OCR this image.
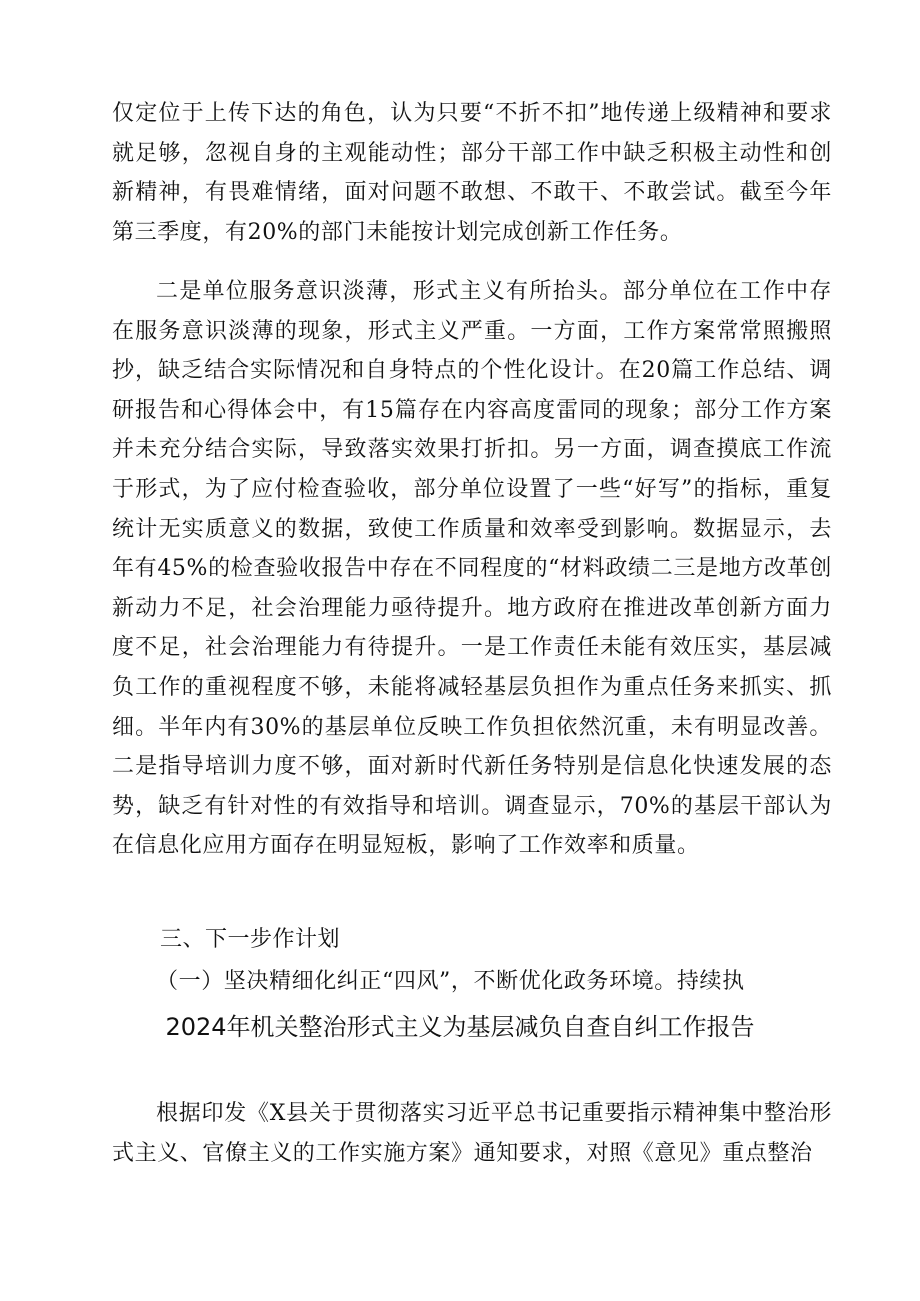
仅定位于上传下达的角色，认为只要“不折不扣”地传递上级精神和要求就足够，忽视自身的主观能动性；部分干部工作中缺乏积极主动性和创新精神，有畏难情绪，面对问题不敢想、不敢干、不敢尝试。截至今年第三季度，有20%的部门未能按计划完成创新工作任务。

二是单位服务意识淡薄，形式主义有所抬头。部分单位在工作中存在服务意识淡薄的现象，形式主义严重。一方面，工作方案常常照搬照抄，缺乏结合实际情况和自身特点的个性化设计。在20篇工作总结、调研报告和心得体会中，有15篇存在内容高度雷同的现象；部分工作方案并未充分结合实际，导致落实效果打折扣。另一方面，调查摸底工作流于形式，为了应付检查验收，部分单位设置了一些“好写”的指标，重复统计无实质意义的数据，致使工作质量和效率受到影响。数据显示，去年有45%的检查验收报告中存在不同程度的“材料政绩二三是地方改革创新动力不足，社会治理能力亟待提升。地方政府在推进改革创新方面力度不足，社会治理能力有待提升。一是工作责任未能有效压实，基层减负工作的重视程度不够，未能将减轻基层负担作为重点任务来抓实、抓细。半年内有30%的基层单位反映工作负担依然沉重，未有明显改善。二是指导培训力度不够，面对新时代新任务特别是信息化快速发展的态势，缺乏有针对性的有效指导和培训。调查显示，70%的基层干部认为在信息化应用方面存在明显短板，影响了工作效率和质量。

三、下一步作计划

（一）坚决精细化纠正“四风”，不断优化政务环境。持续执

2024年机关整治形式主义为基层减负自查自纠工作报告

根据印发《X县关于贯彻落实习近平总书记重要指示精神集中整治形式主义、官僚主义的工作实施方案》通知要求，对照《意见》重点整治
